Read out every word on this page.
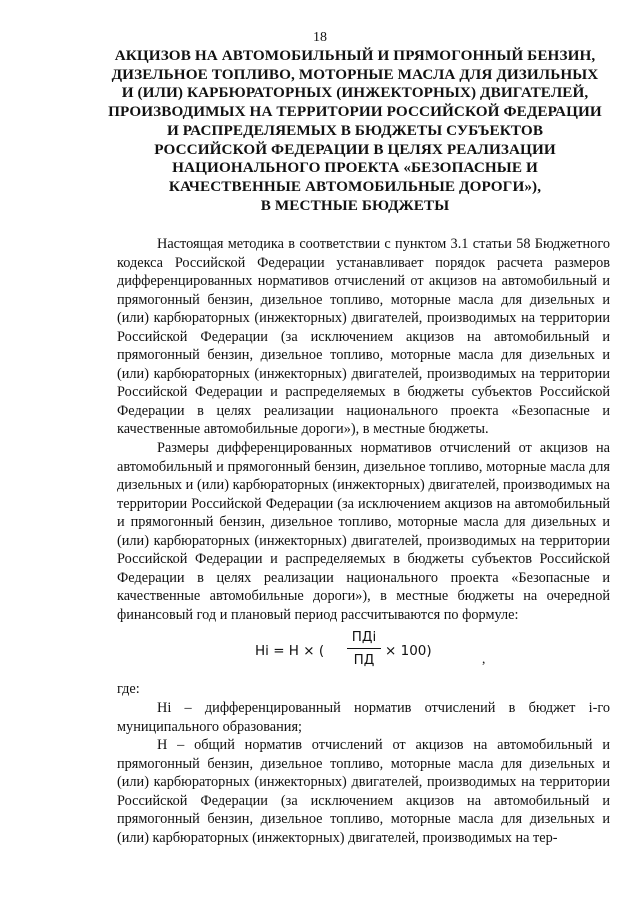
18
АКЦИЗОВ НА АВТОМОБИЛЬНЫЙ И ПРЯМОГОННЫЙ БЕНЗИН,
ДИЗЕЛЬНОЕ ТОПЛИВО, МОТОРНЫЕ МАСЛА ДЛЯ ДИЗИЛЬНЫХ
И (ИЛИ) КАРБЮРАТОРНЫХ (ИНЖЕКТОРНЫХ) ДВИГАТЕЛЕЙ,
ПРОИЗВОДИМЫХ НА ТЕРРИТОРИИ РОССИЙСКОЙ ФЕДЕРАЦИИ
И РАСПРЕДЕЛЯЕМЫХ В БЮДЖЕТЫ СУБЪЕКТОВ
РОССИЙСКОЙ ФЕДЕРАЦИИ В ЦЕЛЯХ РЕАЛИЗАЦИИ
НАЦИОНАЛЬНОГО ПРОЕКТА «БЕЗОПАСНЫЕ И
КАЧЕСТВЕННЫЕ АВТОМОБИЛЬНЫЕ ДОРОГИ»),
В МЕСТНЫЕ БЮДЖЕТЫ

Настоящая методика в соответствии с пунктом 3.1 статьи 58 Бюджетного кодекса Российской Федерации устанавливает порядок расчета размеров дифференцированных нормативов отчислений от акцизов на автомобильный и прямогонный бензин, дизельное топливо, моторные масла для дизельных и (или) карбюраторных (инжекторных) двигателей, производимых на территории Российской Федерации (за исключением акцизов на автомобильный и прямогонный бензин, дизельное топливо, моторные масла для дизельных и (или) карбюраторных (инжекторных) двигателей, производимых на территории Российской Федерации и распределяемых в бюджеты субъектов Российской Федерации в целях реализации национального проекта «Безопасные и качественные автомобильные дороги»), в местные бюджеты.

Размеры дифференцированных нормативов отчислений от акцизов на автомобильный и прямогонный бензин, дизельное топливо, моторные масла для дизельных и (или) карбюраторных (инжекторных) двигателей, производимых на территории Российской Федерации (за исключением акцизов на автомобильный и прямогонный бензин, дизельное топливо, моторные масла для дизельных и (или) карбюраторных (инжекторных) двигателей, производимых на территории Российской Федерации и распределяемых в бюджеты субъектов Российской Федерации в целях реализации национального проекта «Безопасные и качественные автомобильные дороги»), в местные бюджеты на очередной финансовый год и плановый период рассчитываются по формуле:

Нi = Н × (
ПДi
ПД
× 100)	,

где:

Нi – дифференцированный норматив отчислений в бюджет i-го муниципального образования;

Н – общий норматив отчислений от акцизов на автомобильный и прямогонный бензин, дизельное топливо, моторные масла для дизельных и (или) карбюраторных (инжекторных) двигателей, производимых на территории Российской Федерации (за исключением акцизов на автомобильный и прямогонный бензин, дизельное топливо, моторные масла для дизельных и (или) карбюраторных (инжекторных) двигателей, производимых на тер-
